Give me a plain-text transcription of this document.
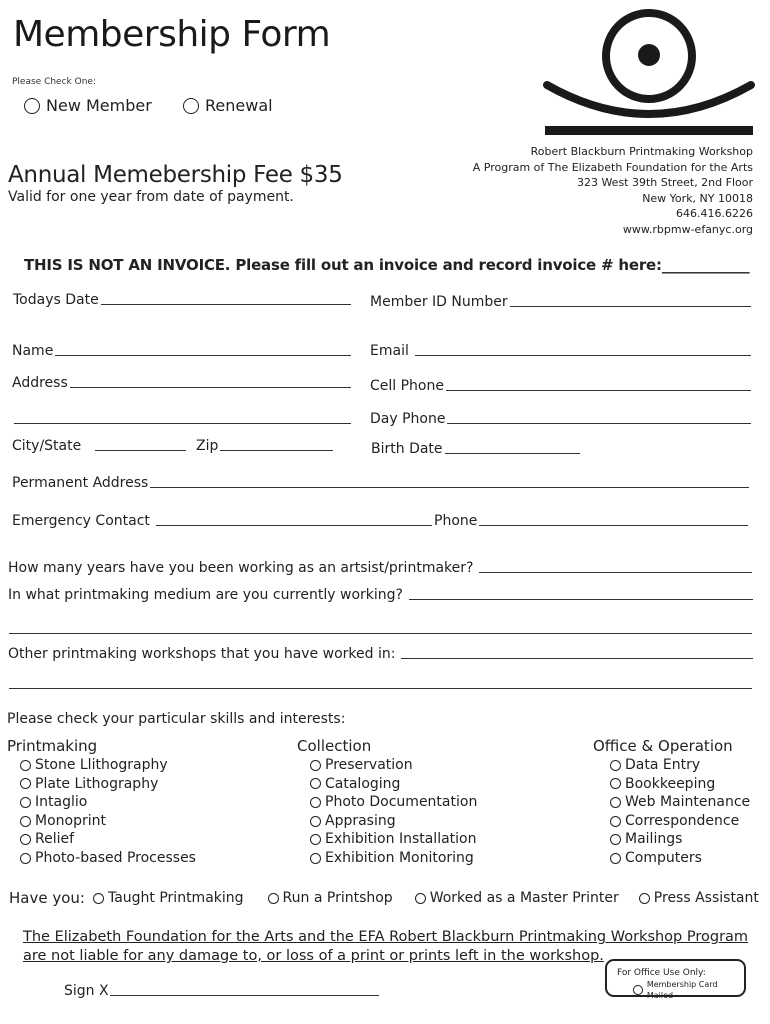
Membership Form
Please Check One:
New Member	Renewal
Annual Memebership Fee $35
Valid for one year from date of payment.
Robert Blackburn Printmaking Workshop
A Program of The Elizabeth Foundation for the Arts
323 West 39th Street, 2nd Floor
New York, NY 10018
646.416.6226
www.rbpmw-efanyc.org
THIS IS NOT AN INVOICE. Please fill out an invoice and record invoice # here:____________
Todays Date	Member ID Number
Name	Email
Address	Cell Phone
Day Phone
City/State	Zip	Birth Date
Permanent Address
Emergency Contact	Phone
How many years have you been working as an artsist/printmaker?
In what printmaking medium are you currently working?
Other printmaking workshops that you have worked in:
Please check your particular skills and interests:
Printmaking
Stone Llithography
Plate Lithography
Intaglio
Monoprint
Relief
Photo-based Processes
Collection
Preservation
Cataloging
Photo Documentation
Apprasing
Exhibition Installation
Exhibition Monitoring
Office & Operation
Data Entry
Bookkeeping
Web Maintenance
Correspondence
Mailings
Computers
Have you: Taught Printmaking	Run a Printshop	Worked as a Master Printer	Press Assistant
The Elizabeth Foundation for the Arts and the EFA Robert Blackburn Printmaking Workshop Program are not liable for any damage to, or loss of a print or prints left in the workshop.
Sign X
For Office Use Only:
Membership Card Mailed
